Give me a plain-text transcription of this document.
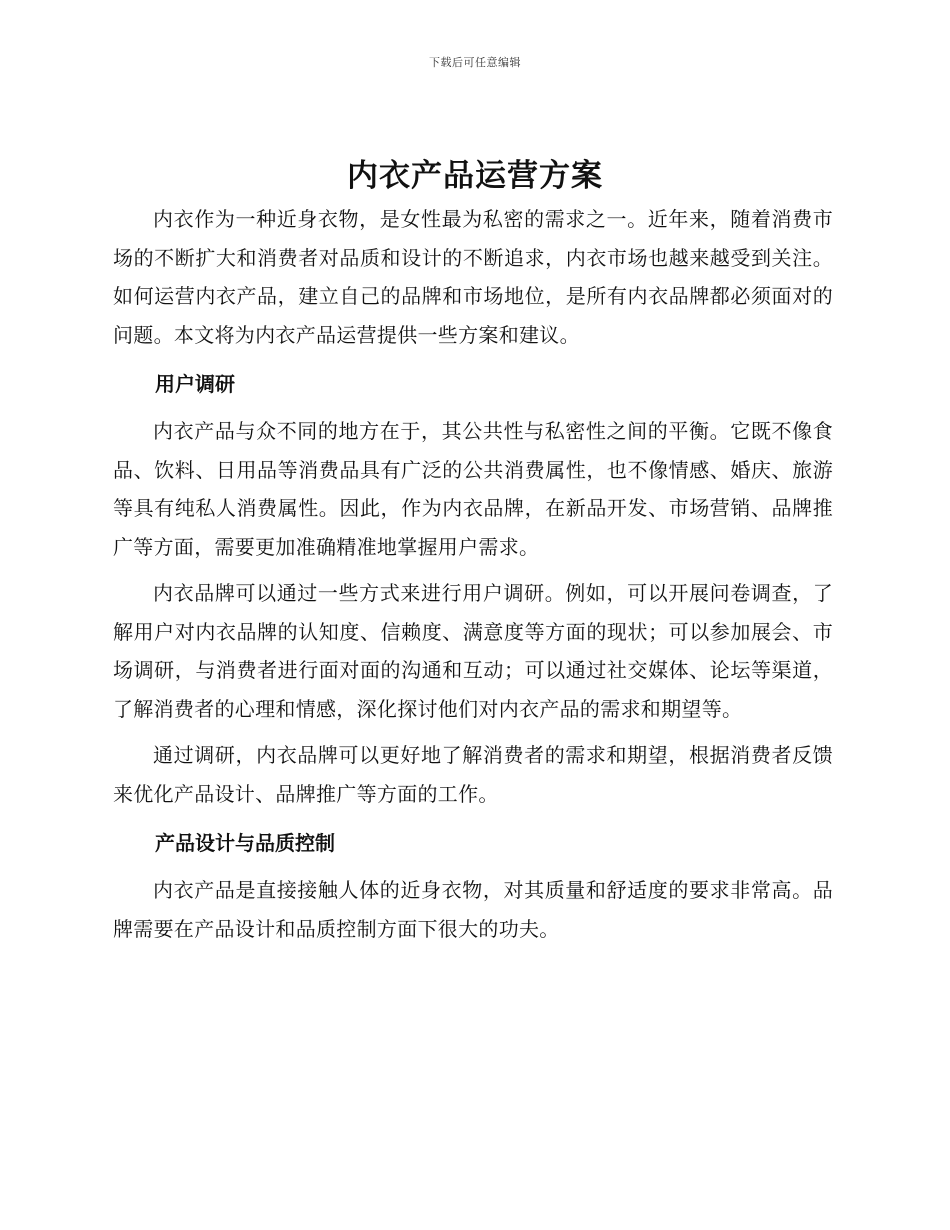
下载后可任意编辑
内衣产品运营方案

内衣作为一种近身衣物，是女性最为私密的需求之一。近年来，随着消费市场的不断扩大和消费者对品质和设计的不断追求，内衣市场也越来越受到关注。如何运营内衣产品，建立自己的品牌和市场地位，是所有内衣品牌都必须面对的问题。本文将为内衣产品运营提供一些方案和建议。

用户调研

内衣产品与众不同的地方在于，其公共性与私密性之间的平衡。它既不像食品、饮料、日用品等消费品具有广泛的公共消费属性，也不像情感、婚庆、旅游等具有纯私人消费属性。因此，作为内衣品牌，在新品开发、市场营销、品牌推广等方面，需要更加准确精准地掌握用户需求。

内衣品牌可以通过一些方式来进行用户调研。例如，可以开展问卷调查，了解用户对内衣品牌的认知度、信赖度、满意度等方面的现状；可以参加展会、市场调研，与消费者进行面对面的沟通和互动；可以通过社交媒体、论坛等渠道，了解消费者的心理和情感，深化探讨他们对内衣产品的需求和期望等。

通过调研，内衣品牌可以更好地了解消费者的需求和期望，根据消费者反馈来优化产品设计、品牌推广等方面的工作。

产品设计与品质控制

内衣产品是直接接触人体的近身衣物，对其质量和舒适度的要求非常高。品牌需要在产品设计和品质控制方面下很大的功夫。
